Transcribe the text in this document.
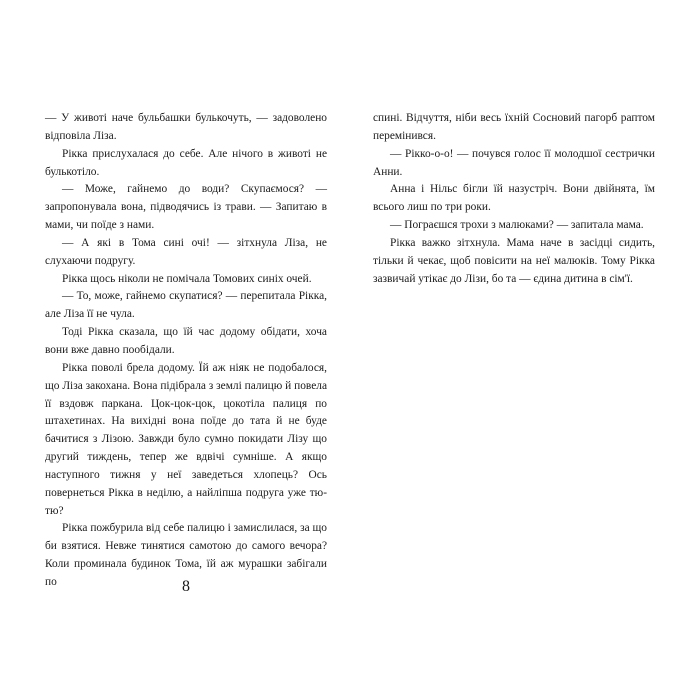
— У животі наче бульбашки булькочуть, — задоволено відповіла Ліза.

Рікка прислухалася до себе. Але нічого в животі не булькотіло.

— Може, гайнемо до води? Скупаємося? — запропонувала вона, підводячись із трави. — Запитаю в мами, чи поїде з нами.

— А які в Тома сині очі! — зітхнула Ліза, не слухаючи подругу.

Рікка щось ніколи не помічала Томових синіх очей.

— То, може, гайнемо скупатися? — перепитала Рікка, але Ліза її не чула.

Тоді Рікка сказала, що їй час додому обідати, хоча вони вже давно пообідали.

Рікка поволі брела додому. Їй аж ніяк не подобалося, що Ліза закохана. Вона підібрала з землі палицю й повела її вздовж паркана. Цок-цок-цок, цокотіла палиця по штахетинах. На вихідні вона поїде до тата й не буде бачитися з Лізою. Завжди було сумно покидати Лізу що другий тиждень, тепер же вдвічі сумніше. А якщо наступного тижня у неї заведеться хлопець? Ось повернеться Рікка в неділю, а найліпша подруга уже тю-тю?

Рікка пожбурила від себе палицю і замислилася, за що би взятися. Невже тинятися самотою до самого вечора? Коли проминала будинок Тома, їй аж мурашки забігали по	8

спині. Відчуття, ніби весь їхній Сосновий пагорб раптом перемінився.

— Рікко-о-о! — почувся голос її молодшої сестрички Анни.

Анна і Нільс бігли їй назустріч. Вони двійнята, їм всього лиш по три роки.

— Пограєшся трохи з малюками? — запитала мама.

Рікка важко зітхнула. Мама наче в засідці сидить, тільки й чекає, щоб повісити на неї малюків. Тому Рікка зазвичай утікає до Лізи, бо та — єдина дитина в сім'ї.
